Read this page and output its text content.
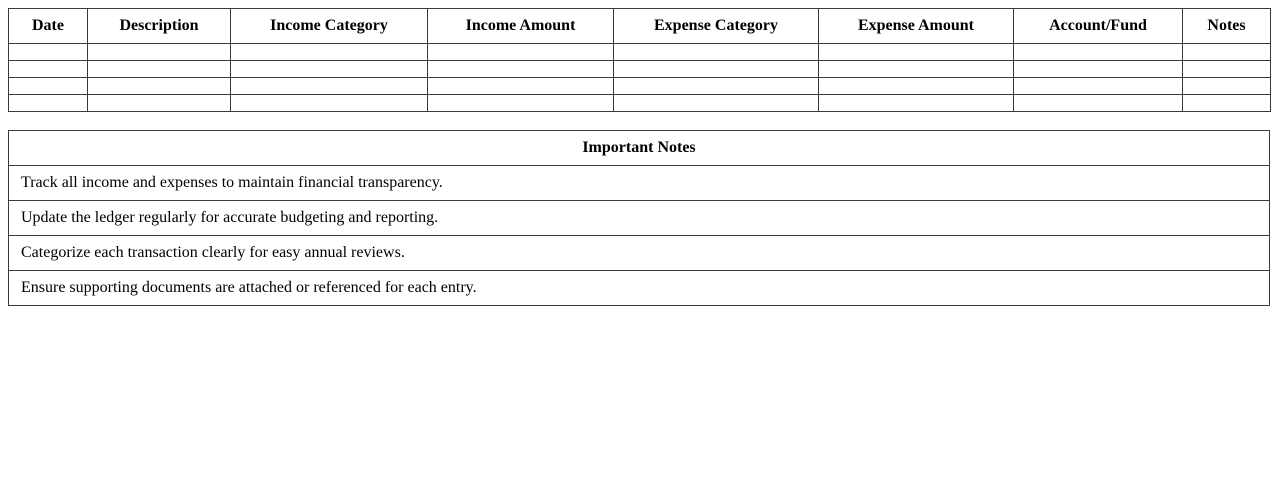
Date	Description	Income Category	Income Amount	Expense Category	Expense Amount	Account/Fund	Notes

Important Notes
Track all income and expenses to maintain financial transparency.
Update the ledger regularly for accurate budgeting and reporting.
Categorize each transaction clearly for easy annual reviews.
Ensure supporting documents are attached or referenced for each entry.
